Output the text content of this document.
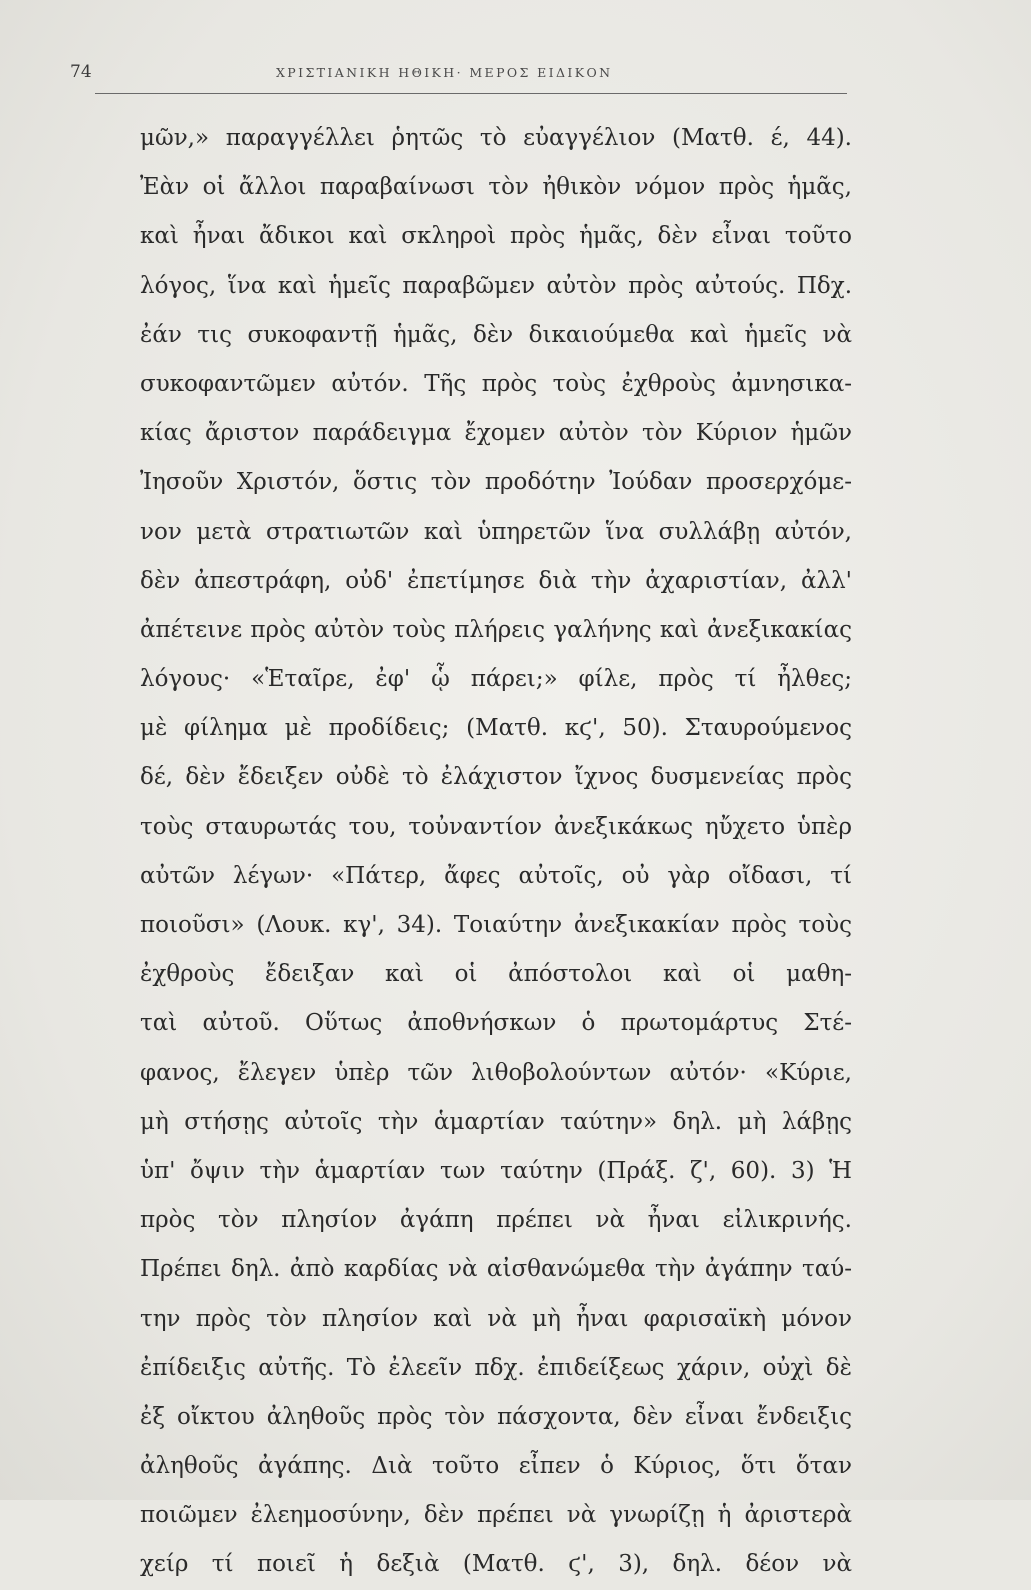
74	ΧΡΙΣΤΙΑΝΙΚΗ ΗΘΙΚΗ· ΜΕΡΟΣ ΕΙΔΙΚΟΝ
μῶν,» παραγγέλλει ῥητῶς τὸ εὐαγγέλιον (Ματθ. έ, 44).
Ἐὰν οἱ ἄλλοι παραβαίνωσι τὸν ἠθικὸν νόμον πρὸς ἡμᾶς,
καὶ ἦναι ἄδικοι καὶ σκληροὶ πρὸς ἡμᾶς, δὲν εἶναι τοῦτο
λόγος, ἵνα καὶ ἡμεῖς παραβῶμεν αὐτὸν πρὸς αὐτούς. Πδχ.
ἐάν τις συκοφαντῇ ἡμᾶς, δὲν δικαιούμεθα καὶ ἡμεῖς νὰ
συκοφαντῶμεν αὐτόν. Τῆς πρὸς τοὺς ἐχθροὺς ἀμνησικα-
κίας ἄριστον παράδειγμα ἔχομεν αὐτὸν τὸν Κύριον ἡμῶν
Ἰησοῦν Χριστόν, ὅστις τὸν προδότην Ἰούδαν προσερχόμε-
νον μετὰ στρατιωτῶν καὶ ὑπηρετῶν ἵνα συλλάβῃ αὐτόν,
δὲν ἀπεστράφη, οὐδ' ἐπετίμησε διὰ τὴν ἀχαριστίαν, ἀλλ'
ἀπέτεινε πρὸς αὐτὸν τοὺς πλήρεις γαλήνης καὶ ἀνεξικακίας
λόγους· «Ἑταῖρε, ἐφ' ᾧ πάρει;» φίλε, πρὸς τί ἦλθες;
μὲ φίλημα μὲ προδίδεις; (Ματθ. κϛ', 50). Σταυρούμενος
δέ, δὲν ἔδειξεν οὐδὲ τὸ ἐλάχιστον ἴχνος δυσμενείας πρὸς
τοὺς σταυρωτάς του, τοὐναντίον ἀνεξικάκως ηὔχετο ὑπὲρ
αὐτῶν λέγων· «Πάτερ, ἄφες αὐτοῖς, οὐ γὰρ οἴδασι, τί
ποιοῦσι» (Λουκ. κγ', 34). Τοιαύτην ἀνεξικακίαν πρὸς τοὺς
ἐχθροὺς ἔδειξαν καὶ οἱ ἀπόστολοι καὶ οἱ μαθη-
ταὶ αὐτοῦ. Οὕτως ἀποθνήσκων ὁ πρωτομάρτυς Στέ-
φανος, ἔλεγεν ὑπὲρ τῶν λιθοβολούντων αὐτόν· «Κύριε,
μὴ στήσῃς αὐτοῖς τὴν ἁμαρτίαν ταύτην» δηλ. μὴ λάβῃς
ὑπ' ὄψιν τὴν ἁμαρτίαν των ταύτην (Πράξ. ζ', 60). 3) Ἡ
πρὸς τὸν πλησίον ἀγάπη πρέπει νὰ ἦναι εἰλικρινής.
Πρέπει δηλ. ἀπὸ καρδίας νὰ αἰσθανώμεθα τὴν ἀγάπην ταύ-
την πρὸς τὸν πλησίον καὶ νὰ μὴ ἦναι φαρισαϊκὴ μόνον
ἐπίδειξις αὐτῆς. Τὸ ἐλεεῖν πδχ. ἐπιδείξεως χάριν, οὐχὶ δὲ
ἐξ οἴκτου ἀληθοῦς πρὸς τὸν πάσχοντα, δὲν εἶναι ἔνδειξις
ἀληθοῦς ἀγάπης. Διὰ τοῦτο εἶπεν ὁ Κύριος, ὅτι ὅταν
ποιῶμεν ἐλεημοσύνην, δὲν πρέπει νὰ γνωρίζῃ ἡ ἀριστερὰ
χείρ τί ποιεῖ ἡ δεξιὰ (Ματθ. ϛ', 3), δηλ. δέον νὰ
